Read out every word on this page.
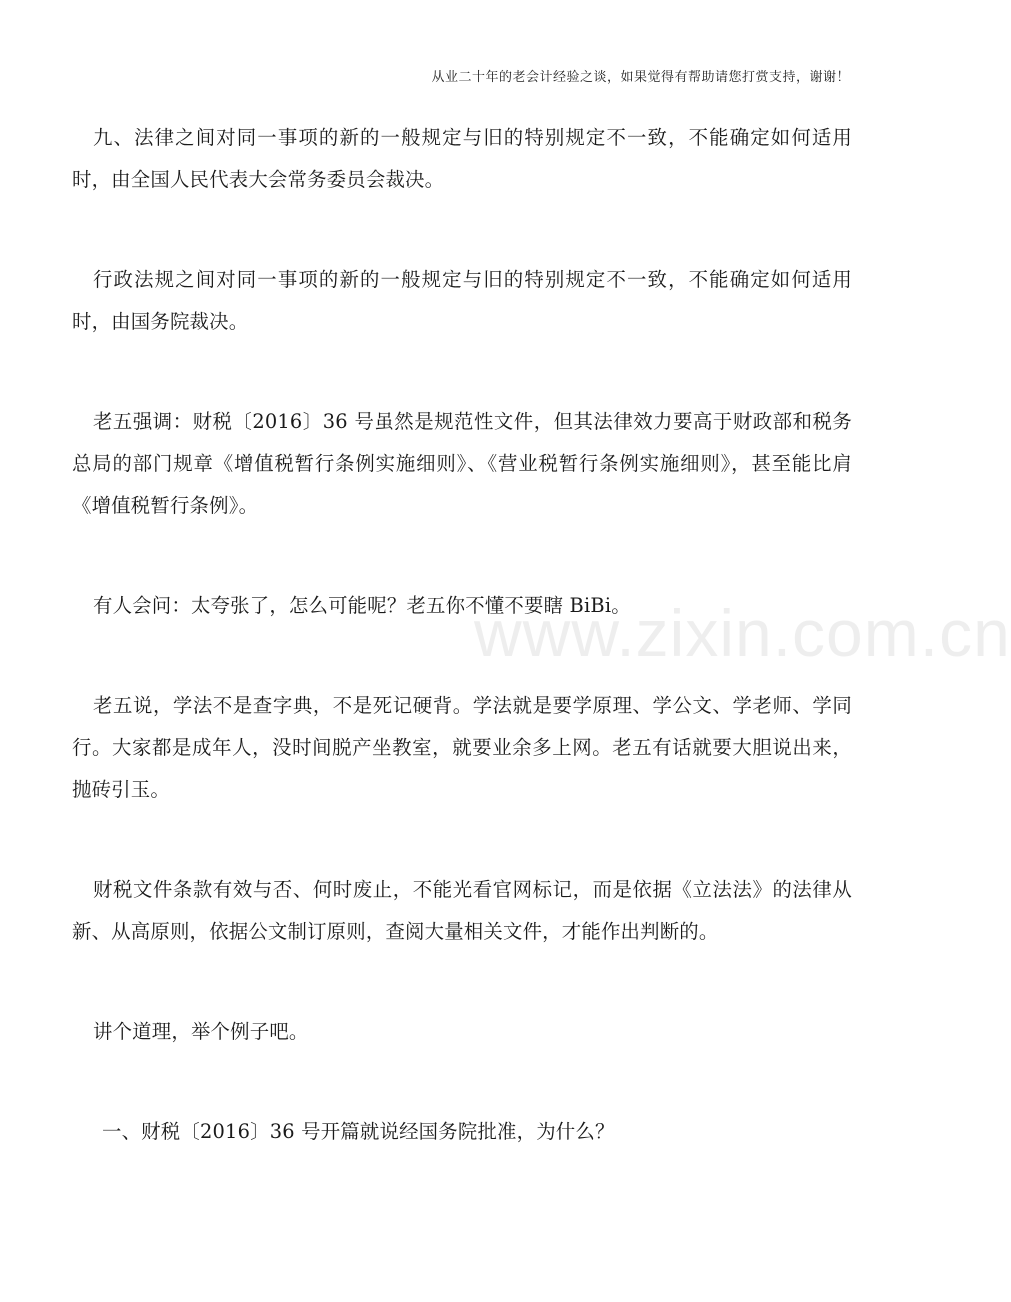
从业二十年的老会计经验之谈，如果觉得有帮助请您打赏支持，谢谢！
www.zixin.com.cn

九、法律之间对同一事项的新的一般规定与旧的特别规定不一致，不能确定如何适用时，由全国人民代表大会常务委员会裁决。

行政法规之间对同一事项的新的一般规定与旧的特别规定不一致，不能确定如何适用时，由国务院裁决。

老五强调：财税〔2016〕36 号虽然是规范性文件，但其法律效力要高于财政部和税务总局的部门规章《增值税暂行条例实施细则》、《营业税暂行条例实施细则》，甚至能比肩《增值税暂行条例》。

有人会问：太夸张了，怎么可能呢？老五你不懂不要瞎 BiBi。

老五说，学法不是查字典，不是死记硬背。学法就是要学原理、学公文、学老师、学同行。大家都是成年人，没时间脱产坐教室，就要业余多上网。老五有话就要大胆说出来，抛砖引玉。

财税文件条款有效与否、何时废止，不能光看官网标记，而是依据《立法法》的法律从新、从高原则，依据公文制订原则，查阅大量相关文件，才能作出判断的。

讲个道理，举个例子吧。

一、财税〔2016〕36 号开篇就说经国务院批准，为什么？
